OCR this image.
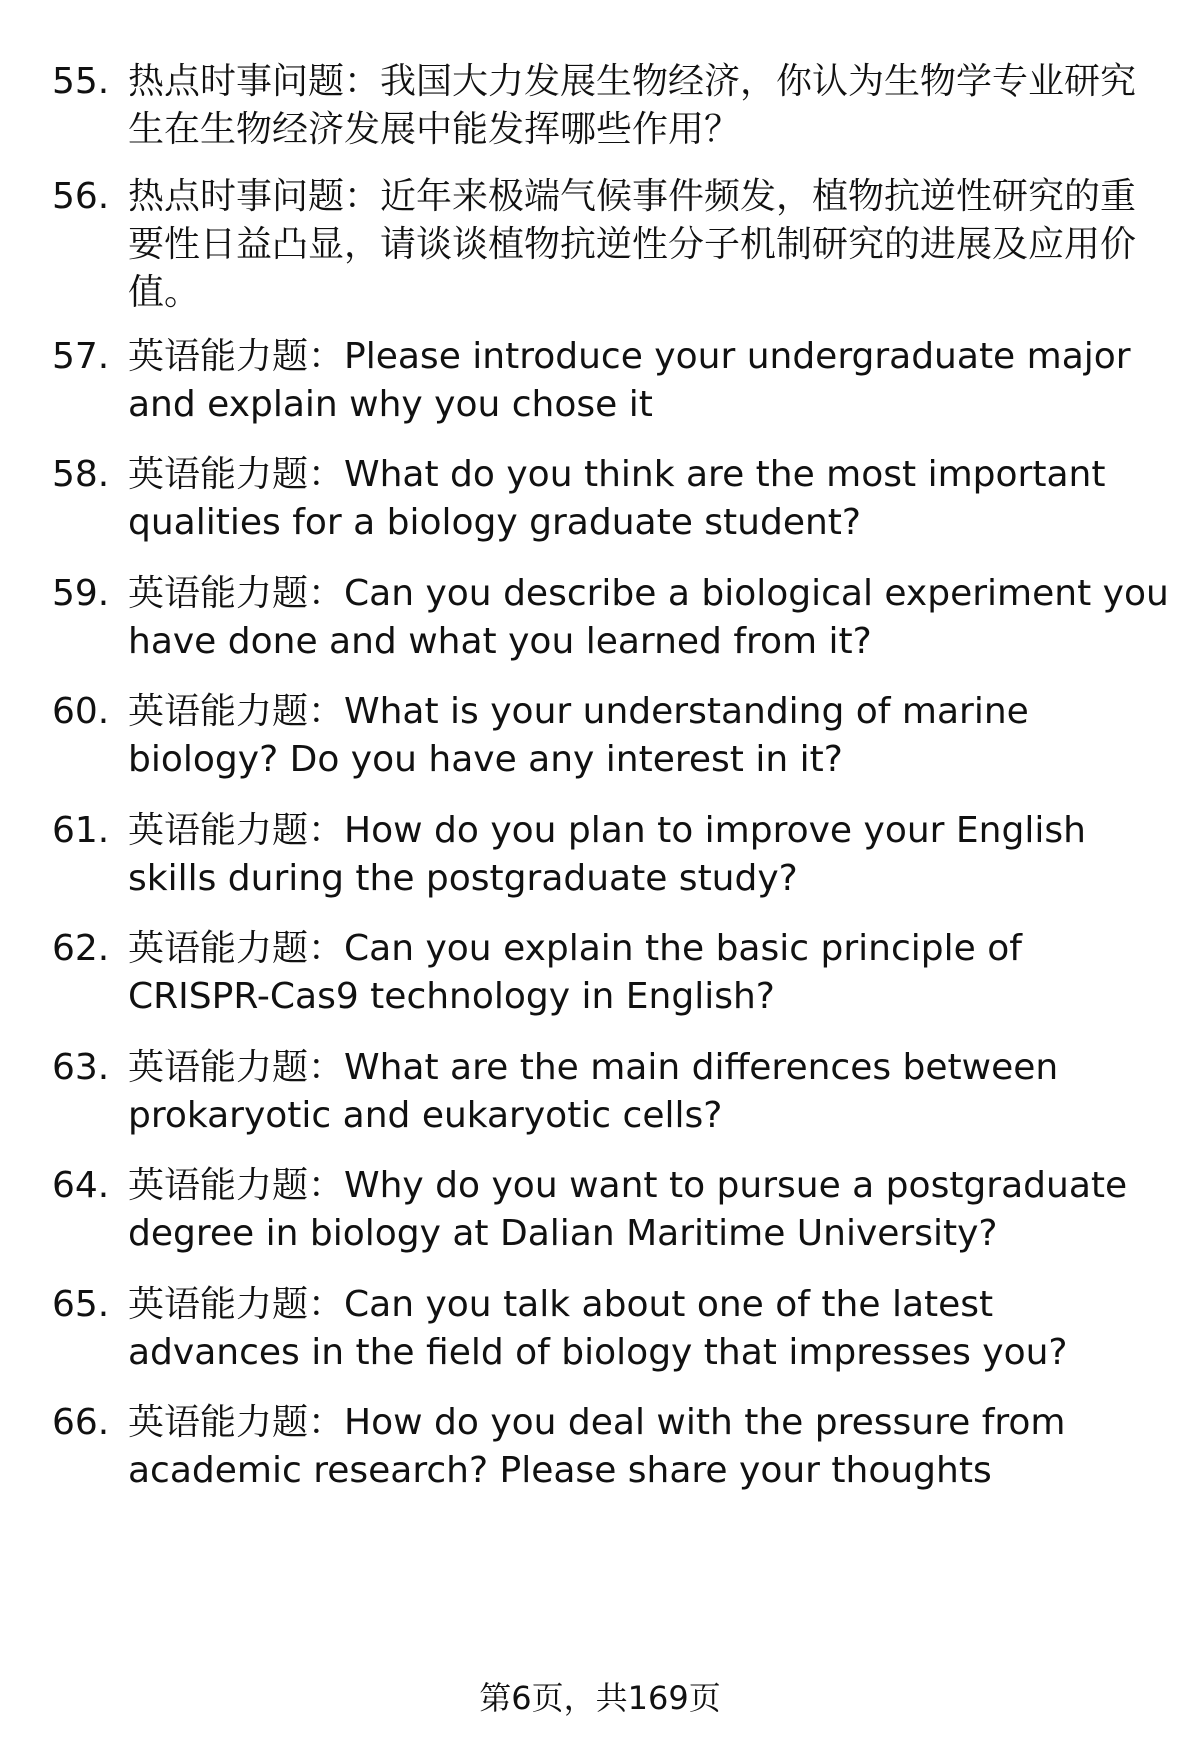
55. 热点时事问题：我国大力发展生物经济，你认为生物学专业研究生在生物经济发展中能发挥哪些作用？
56. 热点时事问题：近年来极端气候事件频发，植物抗逆性研究的重要性日益凸显，请谈谈植物抗逆性分子机制研究的进展及应用价值。
57. 英语能力题：Please introduce your undergraduate major and explain why you chose it
58. 英语能力题：What do you think are the most important qualities for a biology graduate student?
59. 英语能力题：Can you describe a biological experiment you have done and what you learned from it?
60. 英语能力题：What is your understanding of marine biology? Do you have any interest in it?
61. 英语能力题：How do you plan to improve your English skills during the postgraduate study?
62. 英语能力题：Can you explain the basic principle of CRISPR-Cas9 technology in English?
63. 英语能力题：What are the main differences between prokaryotic and eukaryotic cells?
64. 英语能力题：Why do you want to pursue a postgraduate degree in biology at Dalian Maritime University?
65. 英语能力题：Can you talk about one of the latest advances in the field of biology that impresses you?
66. 英语能力题：How do you deal with the pressure from academic research? Please share your thoughts
第6页，共169页
